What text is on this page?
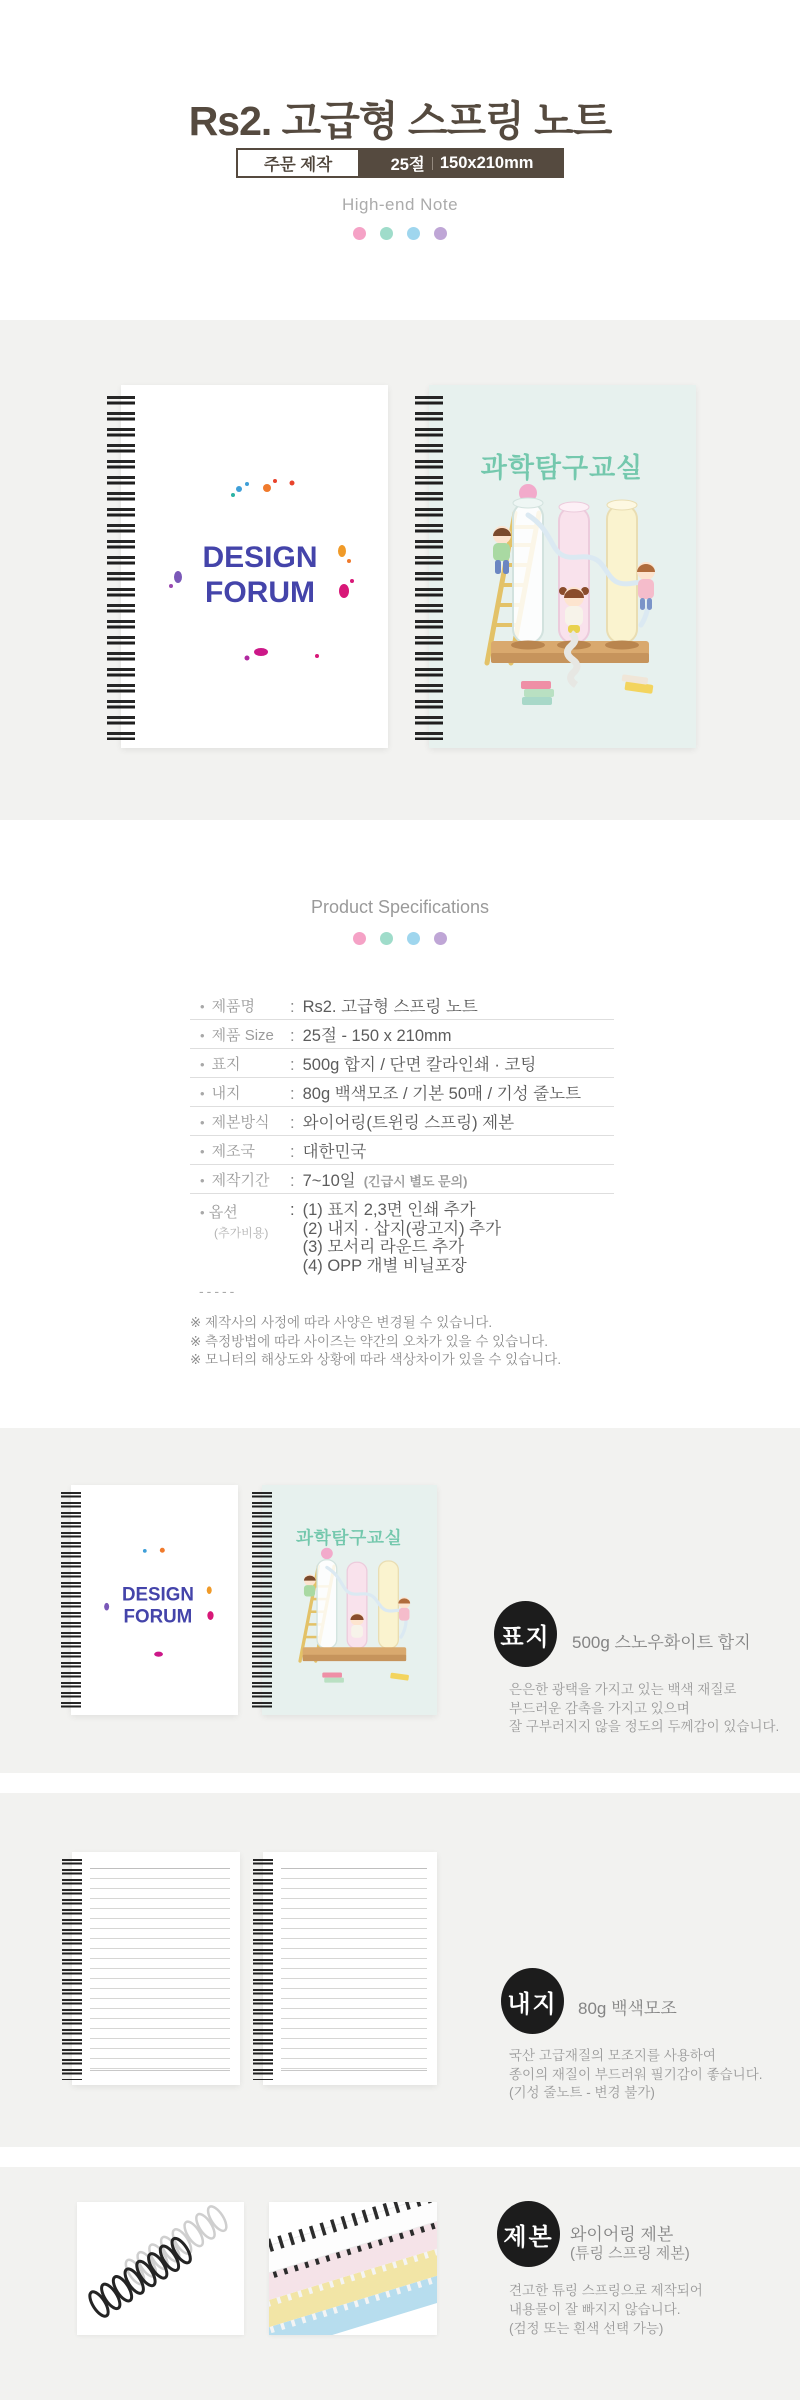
Rs2. 고급형 스프링 노트
주문 제작	25절 150x210mm
High-end Note
DESIGN
FORUM
과학탐구교실
Product Specifications
• 제품명 : Rs2. 고급형 스프링 노트
• 제품 Size : 25절 - 150 x 210mm
• 표지	: 500g 합지 / 단면 칼라인쇄 · 코팅
• 내지	: 80g 백색모조 / 기본 50매 / 기성 줄노트
• 제본방식 : 와이어링(트윈링 스프링) 제본
• 제조국 : 대한민국
• 제작기간 : 7~10일 (긴급시 별도 문의)
• 옵션
(추가비용)
: (1) 표지 2,3면 인쇄 추가
(2) 내지 · 삽지(광고지) 추가
(3) 모서리 라운드 추가
(4) OPP 개별 비닐포장
-----
※ 제작사의 사정에 따라 사양은 변경될 수 있습니다.
※ 측정방법에 따라 사이즈는 약간의 오차가 있을 수 있습니다.
※ 모니터의 해상도와 상황에 따라 색상차이가 있을 수 있습니다.
DESIGN
FORUM
과학탐구교실
표지	500g 스노우화이트 합지
은은한 광택을 가지고 있는 백색 재질로
부드러운 감촉을 가지고 있으며
잘 구부러지지 않을 정도의 두께감이 있습니다.
내지	80g 백색모조
국산 고급재질의 모조지를 사용하여
종이의 재질이 부드러워 필기감이 좋습니다.
(기성 줄노트 - 변경 불가)
제본 와이어링 제본
(튜링 스프링 제본)
견고한 튜링 스프링으로 제작되어
내용물이 잘 빠지지 않습니다.
(검정 또는 흰색 선택 가능)
